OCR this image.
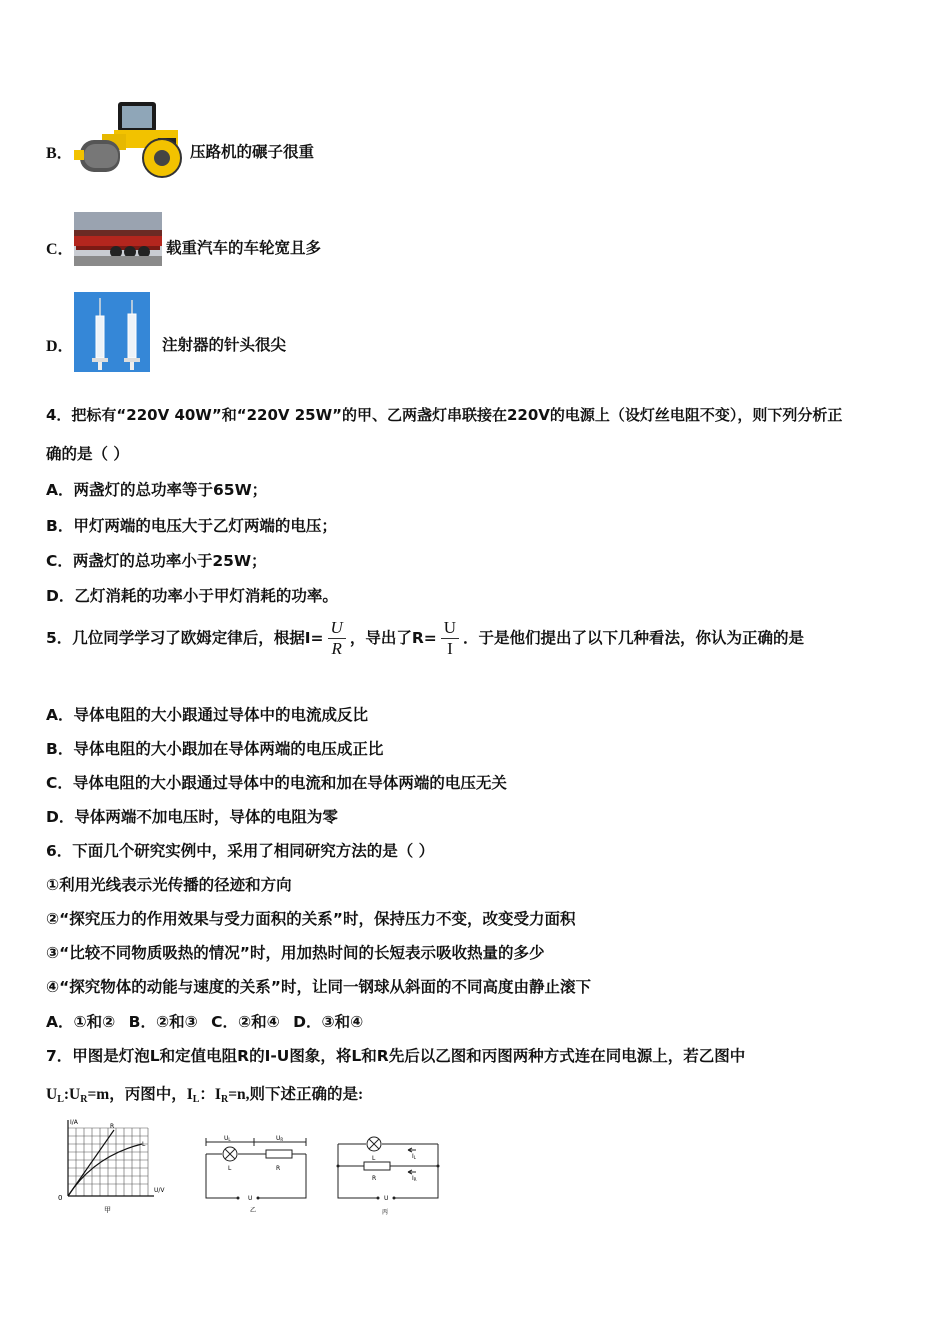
B．	压路机的碾子很重
C．	载重汽车的车轮宽且多
D．	注射器的针头很尖
4．把标有“220V 40W”和“220V 25W”的甲、乙两盏灯串联接在220V的电源上（设灯丝电阻不变），则下列分析正
确的是（ ）
A．两盏灯的总功率等于65W；
B．甲灯两端的电压大于乙灯两端的电压；
C．两盏灯的总功率小于25W；
D．乙灯消耗的功率小于甲灯消耗的功率。
5．几位同学学习了欧姆定律后，根据$I= \frac{U}{R}$ ，导出了$R= \frac{U}{I}$ ．于是他们提出了以下几种看法，你认为正确的是
A．导体电阻的大小跟通过导体中的电流成反比
B．导体电阻的大小跟加在导体两端的电压成正比
C．导体电阻的大小跟通过导体中的电流和加在导体两端的电压无关
D．导体两端不加电压时，导体的电阻为零
6．下面几个研究实例中，采用了相同研究方法的是（ ）
①利用光线表示光传播的径迹和方向
②“探究压力的作用效果与受力面积的关系”时，保持压力不变，改变受力面积
③“比较不同物质吸热的情况”时，用加热时间的长短表示吸收热量的多少
④“探究物体的动能与速度的关系”时，让同一钢球从斜面的不同高度由静止滚下
A．①和② B．②和③ C．②和④ D．③和④
7．甲图是灯泡L和定值电阻R的I-U图象，将L和R先后以乙图和丙图两种方式连在同电源上，若乙图中
$U_L:U_R=m$，丙图中，$I_L$：$I_R=n$,则下述正确的是:
I/A
U/V
0
R
L
甲
UL	UR
L	R
U
乙
L
R
IL
IR
U
丙
